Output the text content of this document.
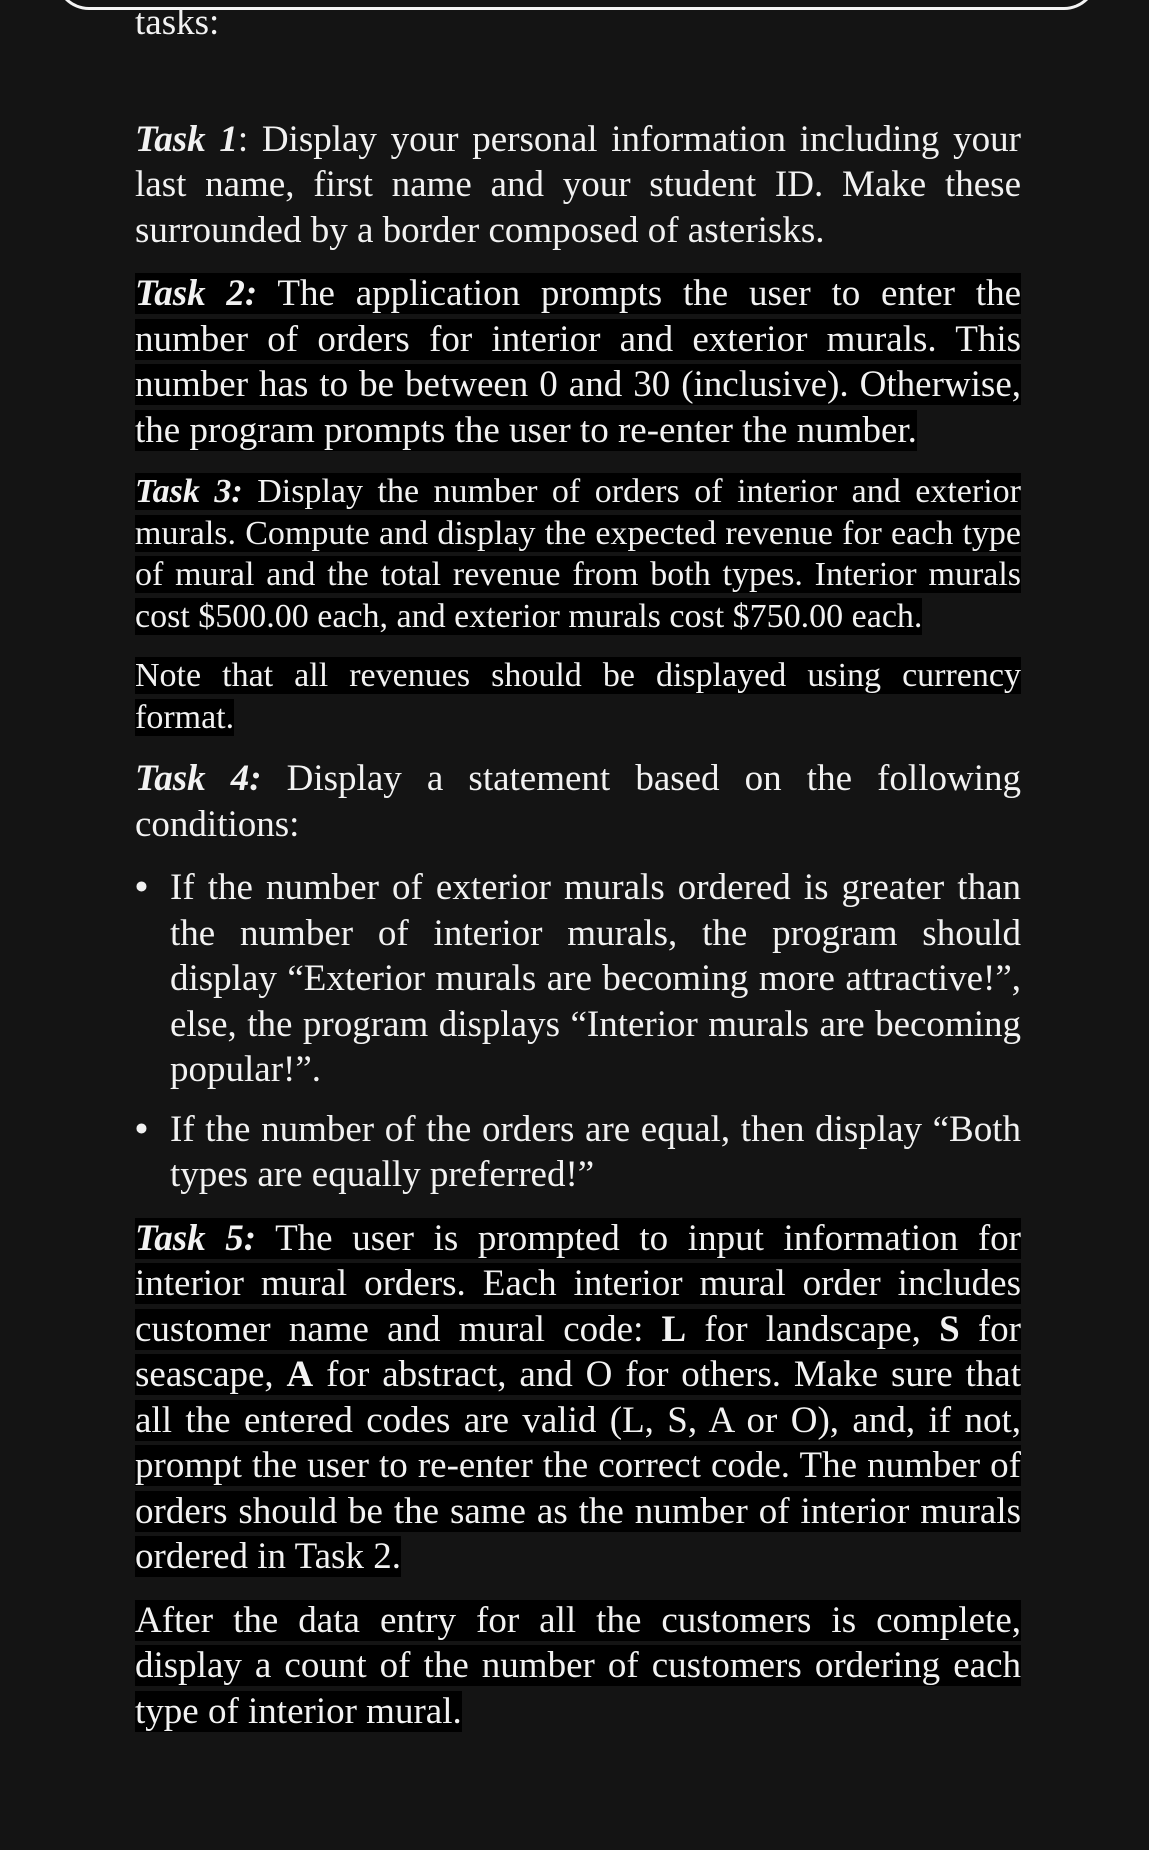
tasks:

Task 1: Display your personal information including your last name, first name and your student ID. Make these surrounded by a border composed of asterisks.

Task 2: The application prompts the user to enter the number of orders for interior and exterior murals. This number has to be between 0 and 30 (inclusive). Otherwise, the program prompts the user to re-enter the number.

Task 3: Display the number of orders of interior and exterior murals. Compute and display the expected revenue for each type of mural and the total revenue from both types. Interior murals cost $500.00 each, and exterior murals cost $750.00 each.

Note that all revenues should be displayed using currency format.

Task 4: Display a statement based on the following conditions:

• If the number of exterior murals ordered is greater than the number of interior murals, the program should display “Exterior murals are becoming more attractive!”, else, the program displays “Interior murals are becoming popular!”.
• If the number of the orders are equal, then display “Both types are equally preferred!”

Task 5: The user is prompted to input information for interior mural orders. Each interior mural order includes customer name and mural code: L for landscape, S for seascape, A for abstract, and O for others. Make sure that all the entered codes are valid (L, S, A or O), and, if not, prompt the user to re-enter the correct code. The number of orders should be the same as the number of interior murals ordered in Task 2.

After the data entry for all the customers is complete, display a count of the number of customers ordering each type of interior mural.
